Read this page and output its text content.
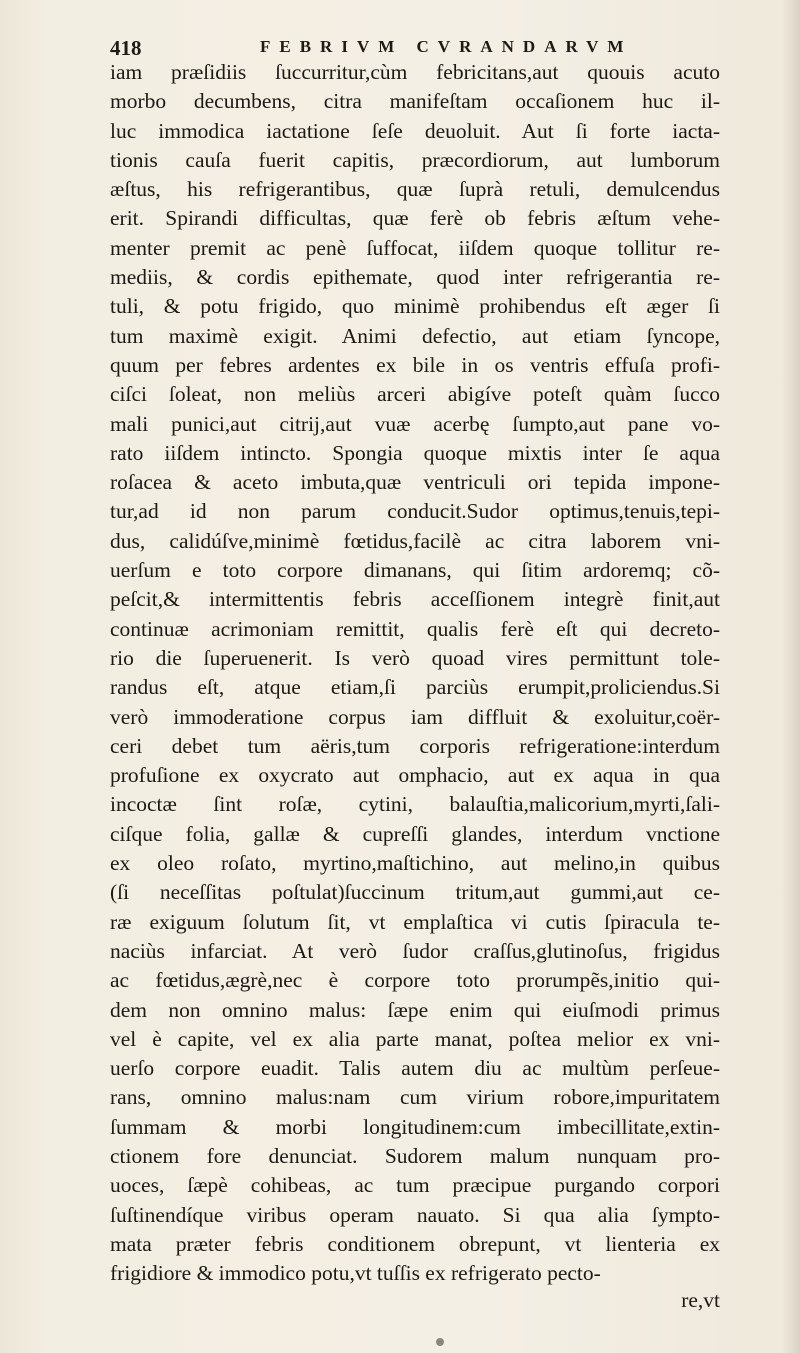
418	FEBRIVM CVRANDARVM
iam præſidiis ſuccurritur,cùm febricitans,aut quouis acuto
morbo decumbens, citra manifeſtam occaſionem huc il-
luc immodica iactatione ſeſe deuoluit. Aut ſi forte iacta-
tionis cauſa fuerit capitis, præcordiorum, aut lumborum
æſtus, his refrigerantibus, quæ ſuprà retuli, demulcendus
erit. Spirandi difficultas, quæ ferè ob febris æſtum vehe-
menter premit ac penè ſuffocat, iiſdem quoque tollitur re-
mediis, & cordis epithemate, quod inter refrigerantia re-
tuli, & potu frigido, quo minimè prohibendus eſt æger ſi
tum maximè exigit. Animi defectio, aut etiam ſyncope,
quum per febres ardentes ex bile in os ventris effuſa profi-
ciſci ſoleat, non meliùs arceri abigíve poteſt quàm ſucco
mali punici,aut citrij,aut vuæ acerbę ſumpto,aut pane vo-
rato iiſdem intincto. Spongia quoque mixtis inter ſe aqua
roſacea & aceto imbuta,quæ ventriculi ori tepida impone-
tur,ad id non parum conducit.Sudor optimus,tenuis,tepi-
dus, calidúſve,minimè fœtidus,facilè ac citra laborem vni-
uerſum e toto corpore dimanans, qui ſitim ardoremq; cõ-
peſcit,& intermittentis febris acceſſionem integrè finit,aut
continuæ acrimoniam remittit, qualis ferè eſt qui decreto-
rio die ſuperuenerit. Is verò quoad vires permittunt tole-
randus eſt, atque etiam,ſi parciùs erumpit,proliciendus.Si
verò immoderatione corpus iam diffluit & exoluitur,coër-
ceri debet tum aëris,tum corporis refrigeratione:interdum
profuſione ex oxycrato aut omphacio, aut ex aqua in qua
incoctæ ſint roſæ, cytini, balauſtia,malicorium,myrti,ſali-
ciſque folia, gallæ & cupreſſi glandes, interdum vnctione
ex oleo roſato, myrtino,maſtichino, aut melino,in quibus
(ſi neceſſitas poſtulat)ſuccinum tritum,aut gummi,aut ce-
ræ exiguum ſolutum ſit, vt emplaſtica vi cutis ſpiracula te-
naciùs infarciat. At verò ſudor craſſus,glutinoſus, frigidus
ac fœtidus,ægrè,nec è corpore toto prorumpẽs,initio qui-
dem non omnino malus: ſæpe enim qui eiuſmodi primus
vel è capite, vel ex alia parte manat, poſtea melior ex vni-
uerſo corpore euadit. Talis autem diu ac multùm perſeue-
rans, omnino malus:nam cum virium robore,impuritatem
ſummam & morbi longitudinem:cum imbecillitate,extin-
ctionem fore denunciat. Sudorem malum nunquam pro-
uoces, ſæpè cohibeas, ac tum præcipue purgando corpori
ſuſtinendíque viribus operam nauato. Si qua alia ſympto-
mata præter febris conditionem obrepunt, vt lienteria ex
frigidiore & immodico potu,vt tuſſis ex refrigerato pecto-
re,vt
